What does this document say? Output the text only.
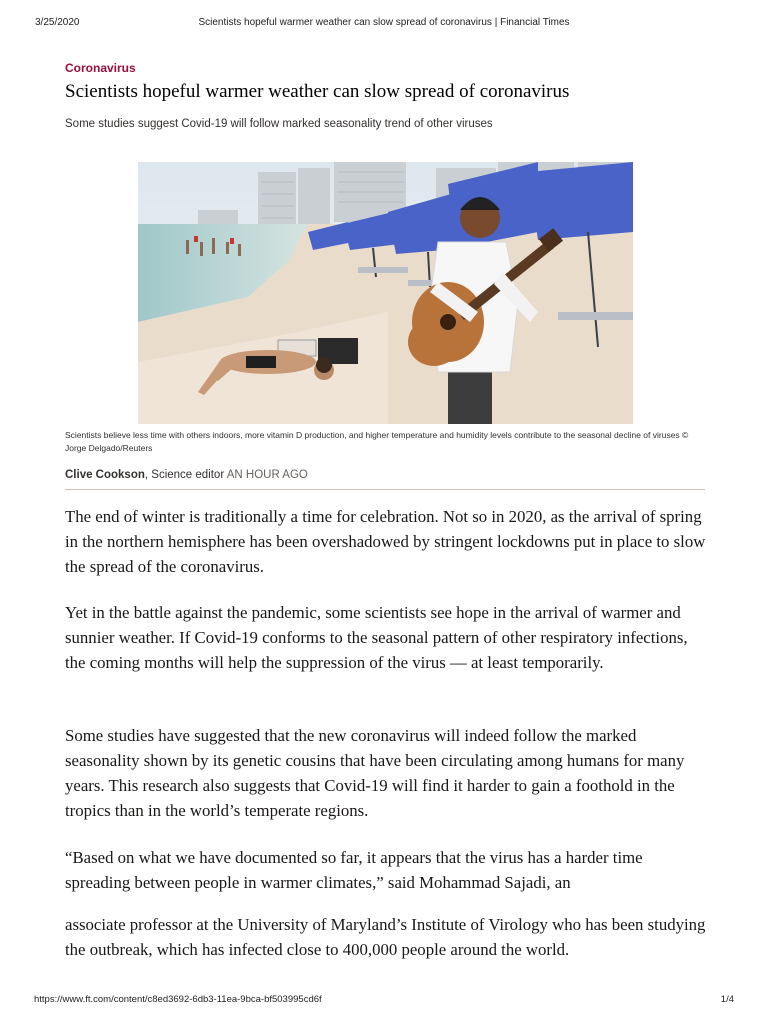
3/25/2020	Scientists hopeful warmer weather can slow spread of coronavirus | Financial Times
Coronavirus
Scientists hopeful warmer weather can slow spread of coronavirus

Some studies suggest Covid-19 will follow marked seasonality trend of other viruses

Scientists believe less time with others indoors, more vitamin D production, and higher temperature and humidity levels contribute to the seasonal decline of viruses © Jorge Delgado/Reuters

Clive Cookson, Science editor AN HOUR AGO

The end of winter is traditionally a time for celebration. Not so in 2020, as the arrival of spring in the northern hemisphere has been overshadowed by stringent lockdowns put in place to slow the spread of the coronavirus.

Yet in the battle against the pandemic, some scientists see hope in the arrival of warmer and sunnier weather. If Covid-19 conforms to the seasonal pattern of other respiratory infections, the coming months will help the suppression of the virus — at least temporarily.

Some studies have suggested that the new coronavirus will indeed follow the marked seasonality shown by its genetic cousins that have been circulating among humans for many years. This research also suggests that Covid-19 will find it harder to gain a foothold in the tropics than in the world’s temperate regions.

“Based on what we have documented so far, it appears that the virus has a harder time spreading between people in warmer climates,” said Mohammad Sajadi, an

associate professor at the University of Maryland’s Institute of Virology who has been studying the outbreak, which has infected close to 400,000 people around the world.

https://www.ft.com/content/c8ed3692-6db3-11ea-9bca-bf503995cd6f	1/4
